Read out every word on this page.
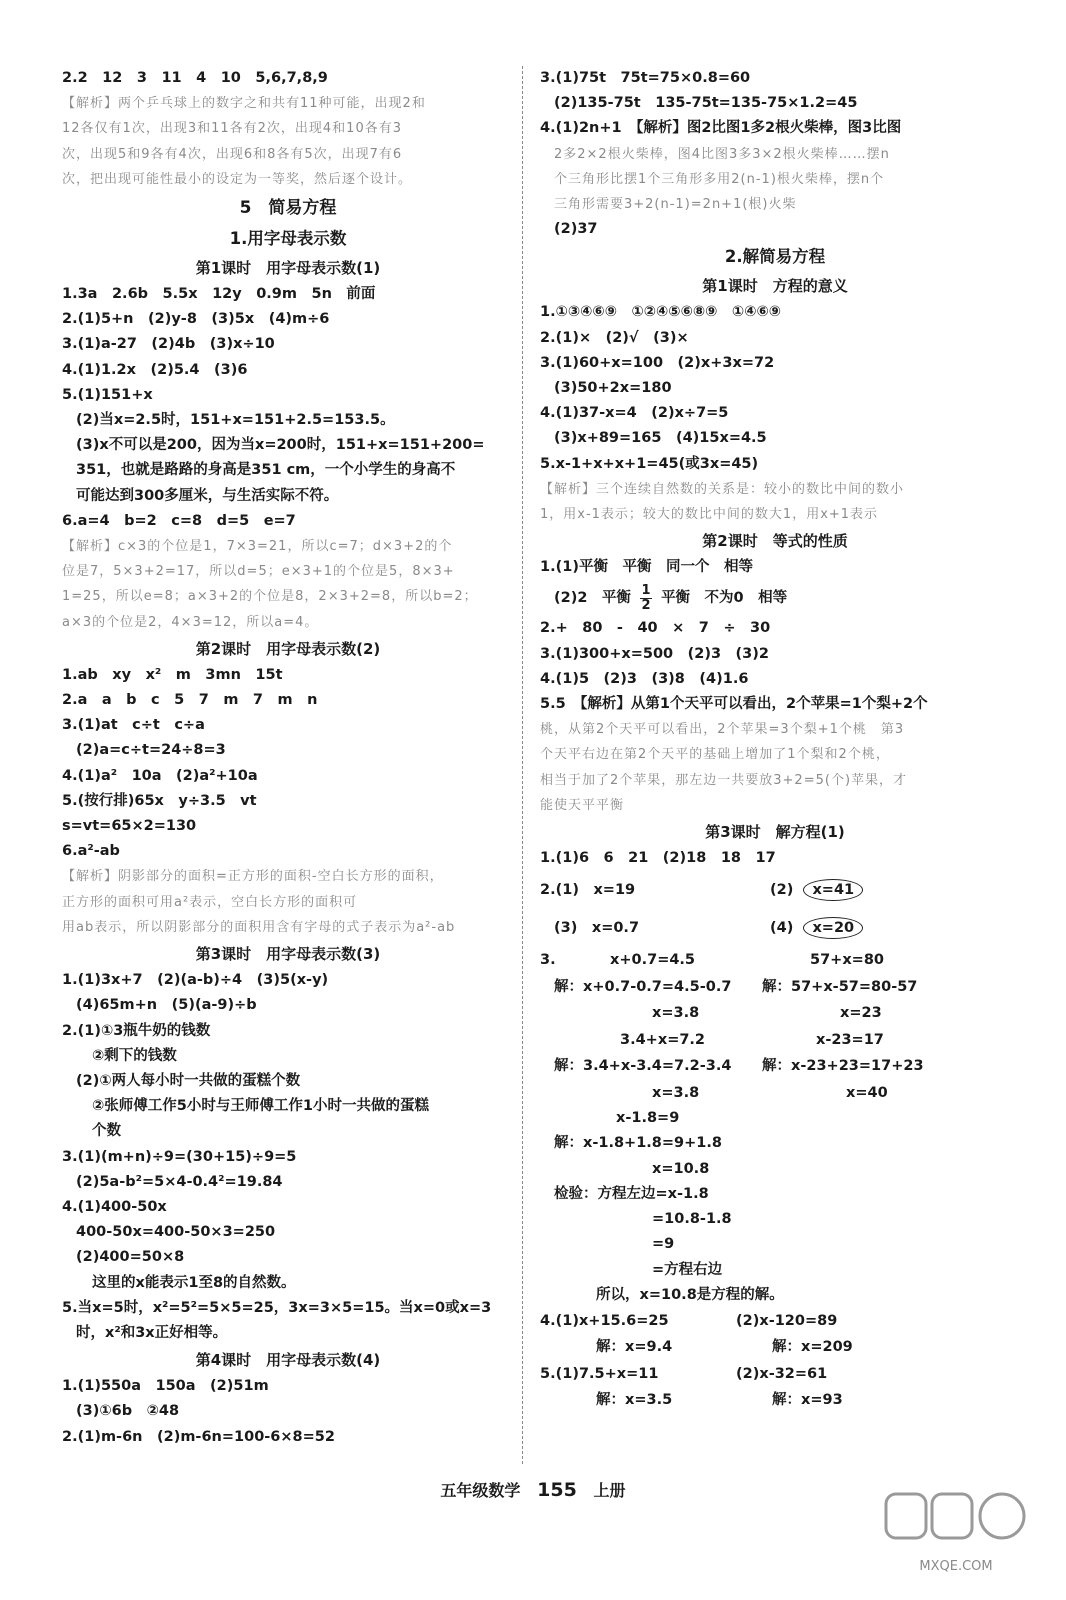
2.2　12　3　11　4　10　5,6,7,8,9
【解析】两个乒乓球上的数字之和共有11种可能，出现2和
12各仅有1次，出现3和11各有2次，出现4和10各有3
次，出现5和9各有4次，出现6和8各有5次，出现7有6
次，把出现可能性最小的设定为一等奖，然后逐个设计。
5　简易方程
1.用字母表示数
第1课时　用字母表示数(1)
1.3a　2.6b　5.5x　12y　0.9m　5n　前面
2.(1)5+n　(2)y-8　(3)5x　(4)m÷6
3.(1)a-27　(2)4b　(3)x÷10
4.(1)1.2x　(2)5.4　(3)6
5.(1)151+x
(2)当x=2.5时，151+x=151+2.5=153.5。
(3)x不可以是200，因为当x=200时，151+x=151+200=
351，也就是路路的身高是351 cm，一个小学生的身高不
可能达到300多厘米，与生活实际不符。
6.a=4　b=2　c=8　d=5　e=7
【解析】c×3的个位是1，7×3=21，所以c=7；d×3+2的个
位是7，5×3+2=17，所以d=5；e×3+1的个位是5，8×3+
1=25，所以e=8；a×3+2的个位是8，2×3+2=8，所以b=2；
a×3的个位是2，4×3=12，所以a=4。
第2课时　用字母表示数(2)
1.ab　xy　x²　m　3mn　15t
2.a　a　b　c　5　7　m　7　m　n
3.(1)at　c÷t　c÷a
(2)a=c÷t=24÷8=3
4.(1)a²　10a　(2)a²+10a
5.(按行排)65x　y÷3.5　vt
s=vt=65×2=130
6.a²-ab
【解析】阴影部分的面积=正方形的面积-空白长方形的面积，
正方形的面积可用a²表示，空白长方形的面积可
用ab表示，所以阴影部分的面积用含有字母的式子表示为a²-ab
第3课时　用字母表示数(3)
1.(1)3x+7　(2)(a-b)÷4　(3)5(x-y)
(4)65m+n　(5)(a-9)÷b
2.(1)①3瓶牛奶的钱数
②剩下的钱数
(2)①两人每小时一共做的蛋糕个数
②张师傅工作5小时与王师傅工作1小时一共做的蛋糕
个数
3.(1)(m+n)÷9=(30+15)÷9=5
(2)5a-b²=5×4-0.4²=19.84
4.(1)400-50x
400-50x=400-50×3=250
(2)400=50×8
这里的x能表示1至8的自然数。
5.当x=5时，x²=5²=5×5=25，3x=3×5=15。当x=0或x=3
时，x²和3x正好相等。
第4课时　用字母表示数(4)
1.(1)550a　150a　(2)51m
(3)①6b　②48
2.(1)m-6n　(2)m-6n=100-6×8=52
3.(1)75t　75t=75×0.8=60
(2)135-75t　135-75t=135-75×1.2=45
4.(1)2n+1　【解析】图2比图1多2根火柴棒，图3比图
2多2×2根火柴棒，图4比图3多3×2根火柴棒……摆n
个三角形比摆1个三角形多用2(n-1)根火柴棒，摆n个
三角形需要3+2(n-1)=2n+1(根)火柴
(2)37
2.解简易方程
第1课时　方程的意义
1.①③④⑥⑨　①②④⑤⑥⑧⑨　①④⑥⑨
2.(1)×　(2)√　(3)×
3.(1)60+x=100　(2)x+3x=72
(3)50+2x=180
4.(1)37-x=4　(2)x÷7=5
(3)x+89=165　(4)15x=4.5
5.x-1+x+x+1=45(或3x=45)
【解析】三个连续自然数的关系是：较小的数比中间的数小
1，用x-1表示；较大的数比中间的数大1，用x+1表示
第2课时　等式的性质
1.(1)平衡　平衡　同一个　相等
(2)2　平衡 $\frac{1}{2}$ 平衡　不为0　相等
2.+　80　-　40　×　7　÷　30
3.(1)300+x=500　(2)3　(3)2
4.(1)5　(2)3　(3)8　(4)1.6
5.5　【解析】从第1个天平可以看出，2个苹果=1个梨+2个
桃，从第2个天平可以看出，2个苹果=3个梨+1个桃　第3
个天平右边在第2个天平的基础上增加了1个梨和2个桃，
相当于加了2个苹果，那左边一共要放3+2=5(个)苹果，才
能使天平平衡
第3课时　解方程(1)
1.(1)6　6　21　(2)18　18　17
2.(1)　x=19	(2) x=41
(3)　x=0.7	(4) x=20
3.	x+0.7=4.5	57+x=80
解：x+0.7-0.7=4.5-0.7	解：57+x-57=80-57
x=3.8	x=23
3.4+x=7.2	x-23=17
解：3.4+x-3.4=7.2-3.4	解：x-23+23=17+23
x=3.8	x=40
x-1.8=9
解：x-1.8+1.8=9+1.8
x=10.8
检验：方程左边=x-1.8
=10.8-1.8
=9
=方程右边
所以，x=10.8是方程的解。
4.(1)x+15.6=25	(2)x-120=89
解：x=9.4	解：x=209
5.(1)7.5+x=11	(2)x-32=61
解：x=3.5	解：x=93
五年级数学 155 上册
MXQE.COM
